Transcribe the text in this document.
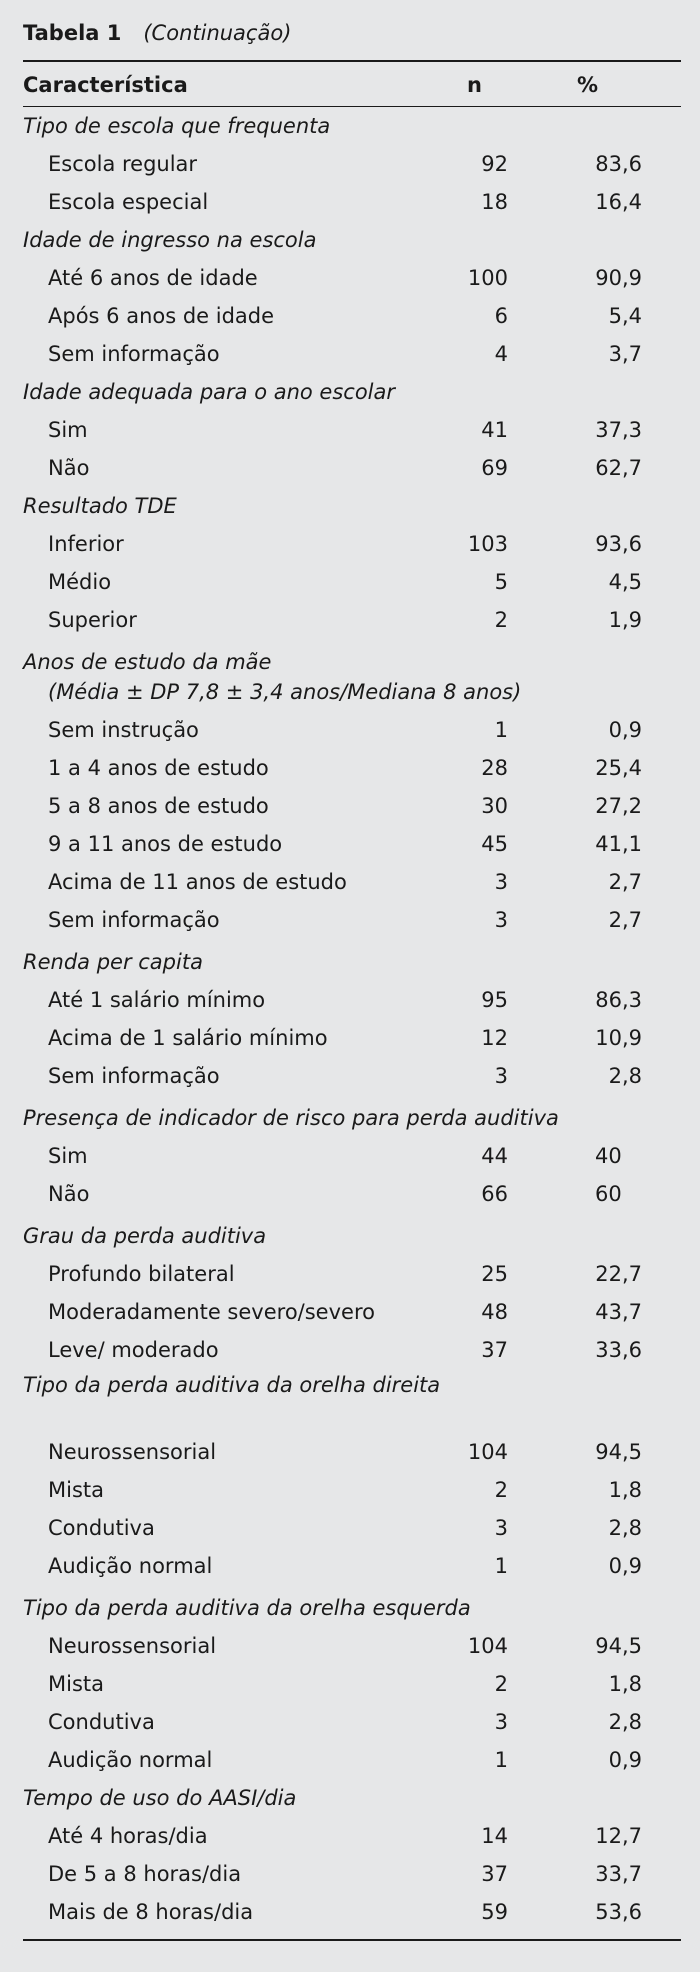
Tabela 1 (Continuação)
Característica	n	%
Tipo de escola que frequenta
Escola regular	92	83,6
Escola especial	18	16,4
Idade de ingresso na escola
Até 6 anos de idade	100	90,9
Após 6 anos de idade	6	5,4
Sem informação	4	3,7
Idade adequada para o ano escolar
Sim	41	37,3
Não	69	62,7
Resultado TDE
Inferior	103	93,6
Médio	5	4,5
Superior	2	1,9
Anos de estudo da mãe
(Média ± DP 7,8 ± 3,4 anos/Mediana 8 anos)
Sem instrução	1	0,9
1 a 4 anos de estudo	28	25,4
5 a 8 anos de estudo	30	27,2
9 a 11 anos de estudo	45	41,1
Acima de 11 anos de estudo	3	2,7
Sem informação	3	2,7
Renda per capita
Até 1 salário mínimo	95	86,3
Acima de 1 salário mínimo	12	10,9
Sem informação	3	2,8
Presença de indicador de risco para perda auditiva
Sim	44	40
Não	66	60
Grau da perda auditiva
Profundo bilateral	25	22,7
Moderadamente severo/severo	48	43,7
Leve/ moderado	37	33,6
Tipo da perda auditiva da orelha direita
Neurossensorial	104	94,5
Mista	2	1,8
Condutiva	3	2,8
Audição normal	1	0,9
Tipo da perda auditiva da orelha esquerda
Neurossensorial	104	94,5
Mista	2	1,8
Condutiva	3	2,8
Audição normal	1	0,9
Tempo de uso do AASI/dia
Até 4 horas/dia	14	12,7
De 5 a 8 horas/dia	37	33,7
Mais de 8 horas/dia	59	53,6
